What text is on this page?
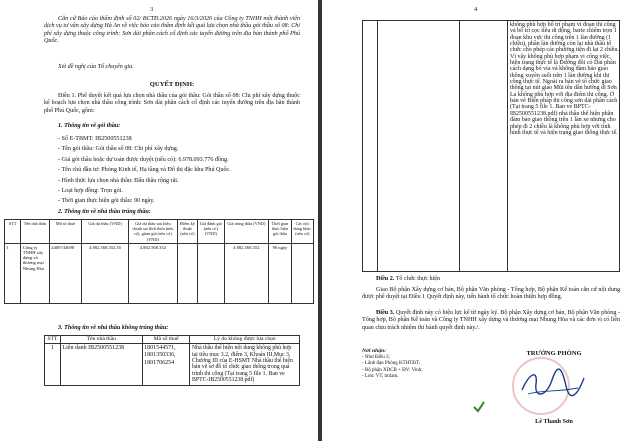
3
Căn cứ Báo cáo thẩm định số 02/ BCTĐ.2026 ngày 16/3/2026 của Công ty TNHH một thành viên dịch vụ tư vấn xây dựng Hà An về việc báo cáo thẩm định kết quả lựa chọn nhà thầu gói thầu số 08: Chi phí xây dựng thuộc công trình: Sơn dải phân cách cố định các tuyến đường trên địa bàn thành phố Phú Quốc.
Xét đề nghị của Tổ chuyên gia.
QUYẾT ĐỊNH:
Điều 1. Phê duyệt kết quả lựa chọn nhà thầu của gói thầu: Gói thầu số 08: Chi phí xây dựng thuộc kế hoạch lựa chọn nhà thầu công trình: Sơn dải phân cách cố định các tuyến đường trên địa bàn thành phố Phú Quốc, gồm:
1. Thông tin về gói thầu:
- Số E-TBMT: IB2500551238
- Tên gói thầu: Gói thầu số 08: Chi phí xây dựng.
- Giá gói thầu hoặc dự toán được duyệt (nếu có): 6.978.093.776 đồng.
- Tên chủ đầu tư: Phòng Kinh tế, Hạ tầng và Đô thị đặc khu Phú Quốc.
- Hình thức lựa chọn nhà thầu: Đấu thầu rộng rãi.
- Loại hợp đồng: Trọn gói.
- Thời gian thực hiện gói thầu: 90 ngày.
2. Thông tin về nhà thầu trúng thầu:
STT	Tên nhà thầu	Mã số thuế	Giá dự thầu (VND)	Giá dự thầu sau hiệu chỉnh sai lệch thừa (nếu có), giảm giá (nếu có) (VND)	Điểm kỹ thuật (nếu có)	Giá đánh giá (nếu có) (VND)	Giá trúng thầu (VND)	Thời gian thực hiện gói thầu	Các nội dung khác (nếu có)
1	Công ty TNHH xây dựng và thương mại Nhung Hòa	2400744698	4.882.568.352,55	4.882.568.352			4.882.568.352	90 ngày	
3. Thông tin về nhà thầu không trúng thầu:
STT	Tên nhà thầu	Mã số thuế	Lý do không được lựa chọn
1	Liên danh IB2500551238	1801544571, 1801350336, 1801706254	Nhà thầu thể hiện nội dung không phù hợp tại tiêu mục 3.2, điểm 3, Khoản III,Mục 3, Chương III của E-HSMT Nhà thầu thể hiện bản vẽ sơ đồ tổ chức giao thông trong quá trình thi công (Tại trang 5 file 1. Ban ve BPTC-IB2500551238.pdf)
4
không phù hợp bố trí phạm vi đoạn thi công và bố trí cọc tiêu di động, barie chiếm trọn 1 đoạn khu vực thi công trên 1 làn đường (1 chiều), phần làn đường còn lại nhà thầu tổ chức cho phép các phương tiện đi lại 2 chiều. Vì vậy không phù hợp phạm vi công việc, hiện trạng thực tế là Đường đôi có Dải phân cách dạng bó vỉa và không đảm bảo giao thông xuyên suốt trên 1 làn đường khi thi công thực tế. Ngoài ra bản vẽ tổ chức giao thông tại nút giao Mũi tên dẫn hướng di Sơn La không phù hợp với địa điểm thi công. Ở bản vẽ Biện pháp thi công sơn dải phân cách (Tại trang 5 file 1. Ban ve BPTC-IB2500551238.pdf) nhà thầu thể hiện phần đảm bảo giao thông trên 1 làn xe nhưng cho phép đi 2 chiều là không phù hợp với tình hình thực tế và hiện trạng giao thông thực tế.
Điều 2. Tổ chức thực hiện
Giao Bộ phận Xây dựng cơ bản, Bộ phận Văn phòng - Tổng hợp, Bộ phận Kế toán căn cứ nội dung được phê duyệt tại Điều 1 Quyết định này, tiến hành tổ chức hoàn thiện hợp đồng.
Điều 3. Quyết định này có hiệu lực kể từ ngày ký. Bộ phận Xây dựng cơ bản, Bộ phận Văn phòng - Tổng hợp, Bộ phận Kế toán và Công ty TNHH xây dựng và thương mại Nhung Hòa và các đơn vị có liên quan chịu trách nhiệm thi hành quyết định này./.
Nơi nhận:
- Như Điều 3;
- Lãnh đạo Phòng KTHTĐT;
- Bộ phận XDCB + ĐV: Vinh;
- Lưu: VT, tmlam.
TRƯỞNG PHÒNG
Lê Thanh Sơn
